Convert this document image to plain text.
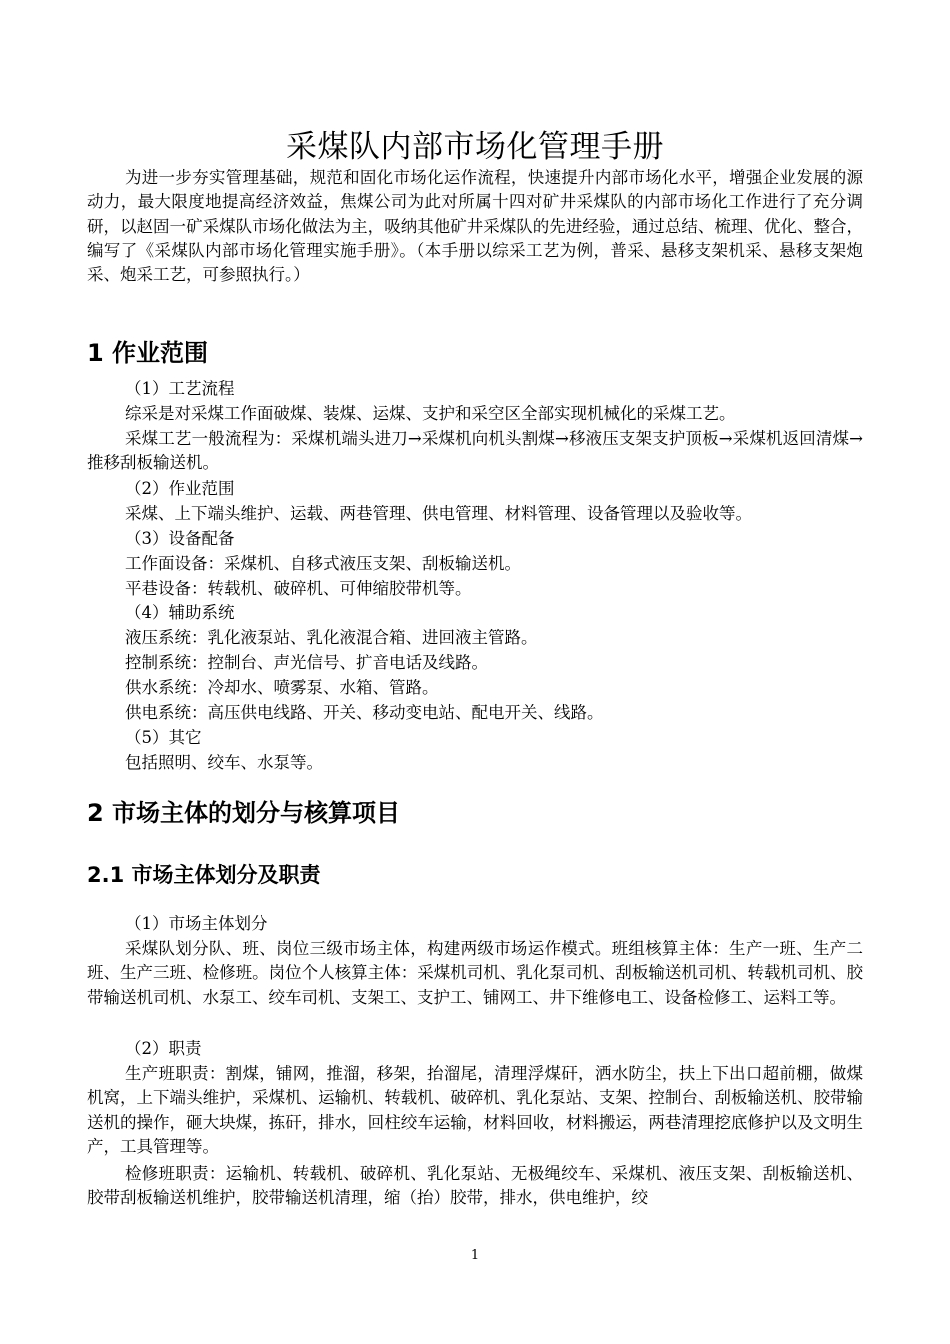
采煤队内部市场化管理手册

为进一步夯实管理基础，规范和固化市场化运作流程，快速提升内部市场化水平，增强企业发展的源动力，最大限度地提高经济效益，焦煤公司为此对所属十四对矿井采煤队的内部市场化工作进行了充分调研，以赵固一矿采煤队市场化做法为主，吸纳其他矿井采煤队的先进经验，通过总结、梳理、优化、整合，编写了《采煤队内部市场化管理实施手册》。（本手册以综采工艺为例，普采、悬移支架机采、悬移支架炮采、炮采工艺，可参照执行。）

1 作业范围

（1）工艺流程

综采是对采煤工作面破煤、装煤、运煤、支护和采空区全部实现机械化的采煤工艺。

采煤工艺一般流程为：采煤机端头进刀→采煤机向机头割煤→移液压支架支护顶板→采煤机返回清煤→推移刮板输送机。

（2）作业范围

采煤、上下端头维护、运载、两巷管理、供电管理、材料管理、设备管理以及验收等。

（3）设备配备

工作面设备：采煤机、自移式液压支架、刮板输送机。

平巷设备：转载机、破碎机、可伸缩胶带机等。

（4）辅助系统

液压系统：乳化液泵站、乳化液混合箱、进回液主管路。

控制系统：控制台、声光信号、扩音电话及线路。

供水系统：冷却水、喷雾泵、水箱、管路。

供电系统：高压供电线路、开关、移动变电站、配电开关、线路。

（5）其它

包括照明、绞车、水泵等。

2 市场主体的划分与核算项目
2.1 市场主体划分及职责

（1）市场主体划分

采煤队划分队、班、岗位三级市场主体，构建两级市场运作模式。班组核算主体：生产一班、生产二班、生产三班、检修班。岗位个人核算主体：采煤机司机、乳化泵司机、刮板输送机司机、转载机司机、胶带输送机司机、水泵工、绞车司机、支架工、支护工、铺网工、井下维修电工、设备检修工、运料工等。

（2）职责

生产班职责：割煤，铺网，推溜，移架，抬溜尾，清理浮煤矸，洒水防尘，扶上下出口超前棚，做煤机窝，上下端头维护，采煤机、运输机、转载机、破碎机、乳化泵站、支架、控制台、刮板输送机、胶带输送机的操作，砸大块煤，拣矸，排水，回柱绞车运输，材料回收，材料搬运，两巷清理挖底修护以及文明生产，工具管理等。

检修班职责：运输机、转载机、破碎机、乳化泵站、无极绳绞车、采煤机、液压支架、刮板输送机、胶带刮板输送机维护，胶带输送机清理，缩（抬）胶带，排水，供电维护，绞

1
